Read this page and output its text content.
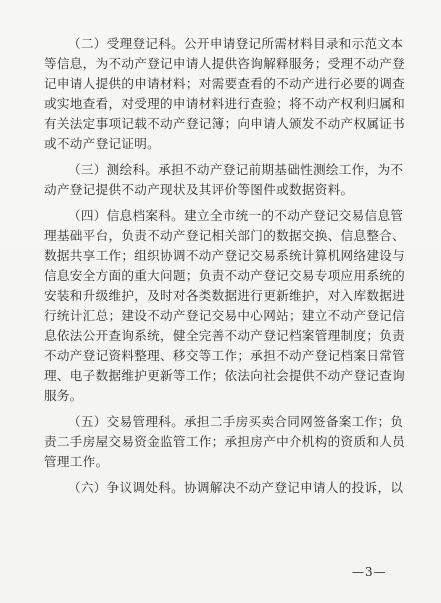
（二）受理登记科。公开申请登记所需材料目录和示范文本
等信息，为不动产登记申请人提供咨询解释服务；受理不动产登
记申请人提供的申请材料；对需要查看的不动产进行必要的调查
或实地查看，对受理的申请材料进行查验；将不动产权利归属和
有关法定事项记载不动产登记簿；向申请人颁发不动产权属证书
或不动产登记证明。
（三）测绘科。承担不动产登记前期基础性测绘工作，为不
动产登记提供不动产现状及其评价等图件或数据资料。
（四）信息档案科。建立全市统一的不动产登记交易信息管
理基础平台，负责不动产登记相关部门的数据交换、信息整合、
数据共享工作；组织协调不动产登记交易系统计算机网络建设与
信息安全方面的重大问题；负责不动产登记交易专项应用系统的
安装和升级维护，及时对各类数据进行更新维护，对入库数据进
行统计汇总；建设不动产登记交易中心网站；建立不动产登记信
息依法公开查询系统，健全完善不动产登记档案管理制度；负责
不动产登记资料整理、移交等工作；承担不动产登记档案日常管
理、电子数据维护更新等工作；依法向社会提供不动产登记查询
服务。
（五）交易管理科。承担二手房买卖合同网签备案工作；负
责二手房屋交易资金监管工作；承担房产中介机构的资质和人员
管理工作。
（六）争议调处科。协调解决不动产登记申请人的投诉，以
—3—
